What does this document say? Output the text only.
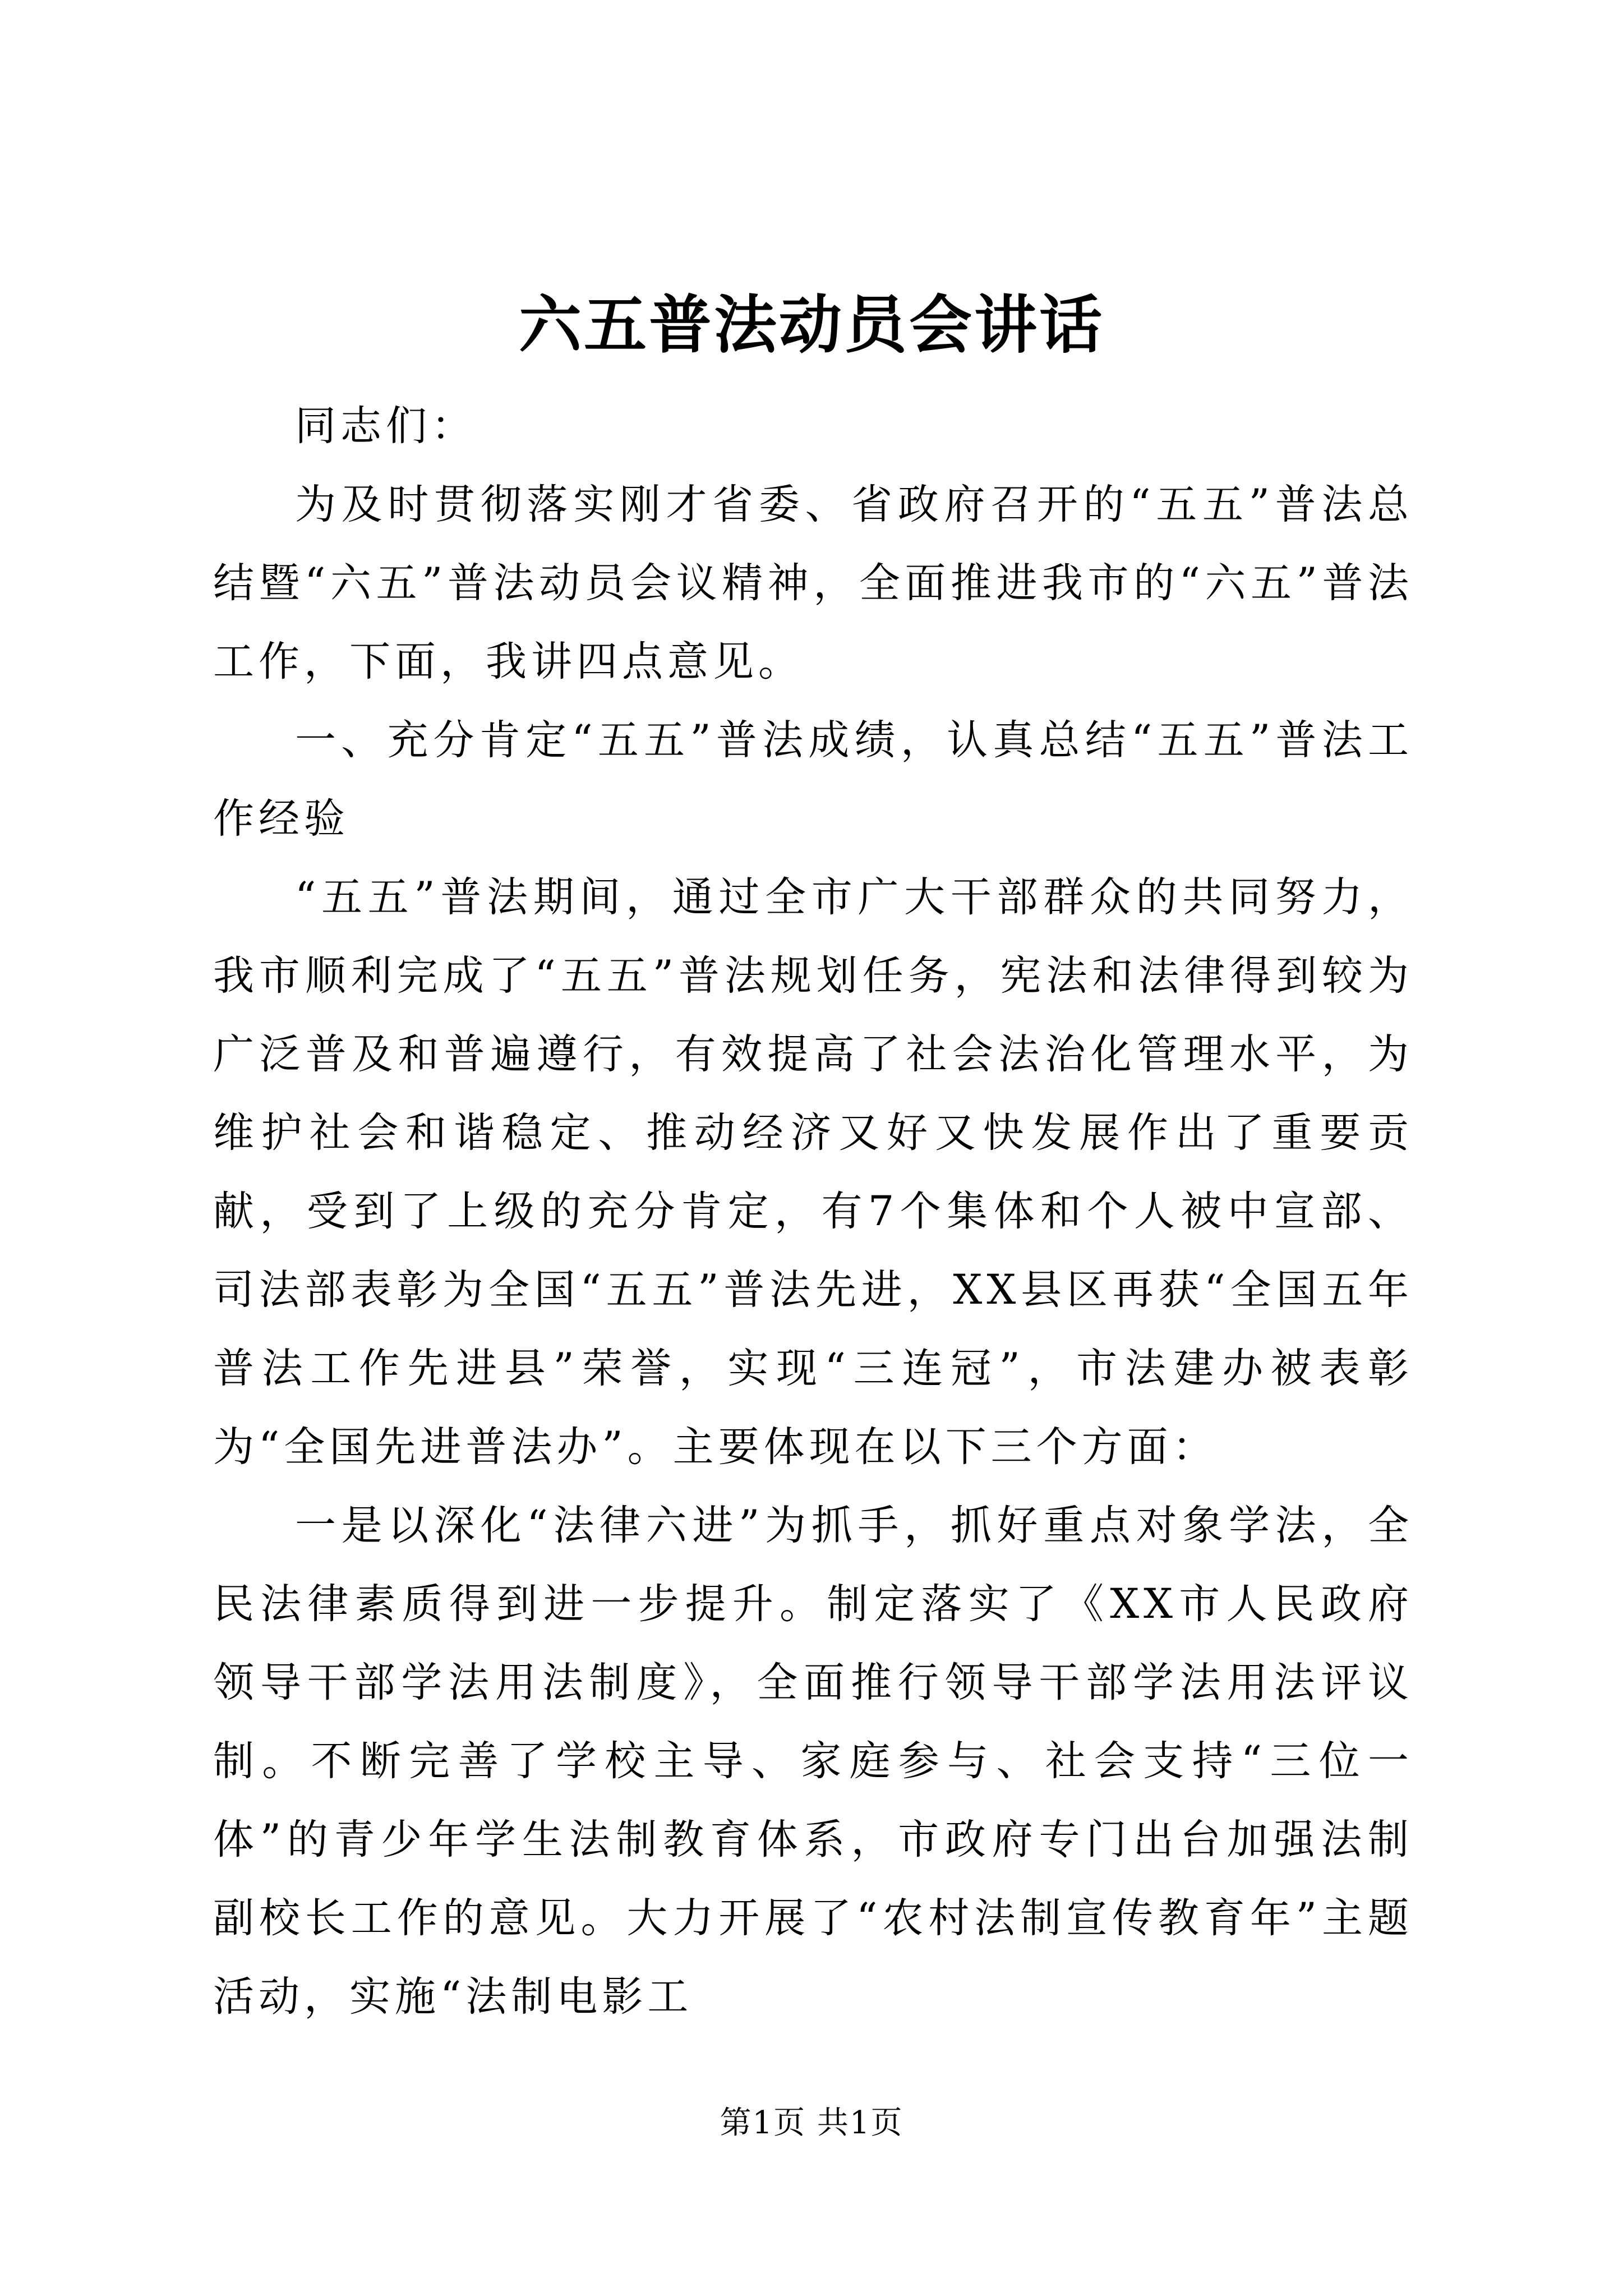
六五普法动员会讲话

同志们：

为及时贯彻落实刚才省委、省政府召开的“五五”普法总结暨“六五”普法动员会议精神，全面推进我市的“六五”普法工作，下面，我讲四点意见。

一、充分肯定“五五”普法成绩，认真总结“五五”普法工作经验

“五五”普法期间，通过全市广大干部群众的共同努力，我市顺利完成了“五五”普法规划任务，宪法和法律得到较为广泛普及和普遍遵行，有效提高了社会法治化管理水平，为维护社会和谐稳定、推动经济又好又快发展作出了重要贡献，受到了上级的充分肯定，有7个集体和个人被中宣部、司法部表彰为全国“五五”普法先进，XX县区再获“全国五年普法工作先进县”荣誉，实现“三连冠”，市法建办被表彰为“全国先进普法办”。主要体现在以下三个方面：

一是以深化“法律六进”为抓手，抓好重点对象学法，全民法律素质得到进一步提升。制定落实了《XX市人民政府领导干部学法用法制度》，全面推行领导干部学法用法评议制。不断完善了学校主导、家庭参与、社会支持“三位一体”的青少年学生法制教育体系，市政府专门出台加强法制副校长工作的意见。大力开展了“农村法制宣传教育年”主题活动，实施“法制电影工

第1页 共1页
